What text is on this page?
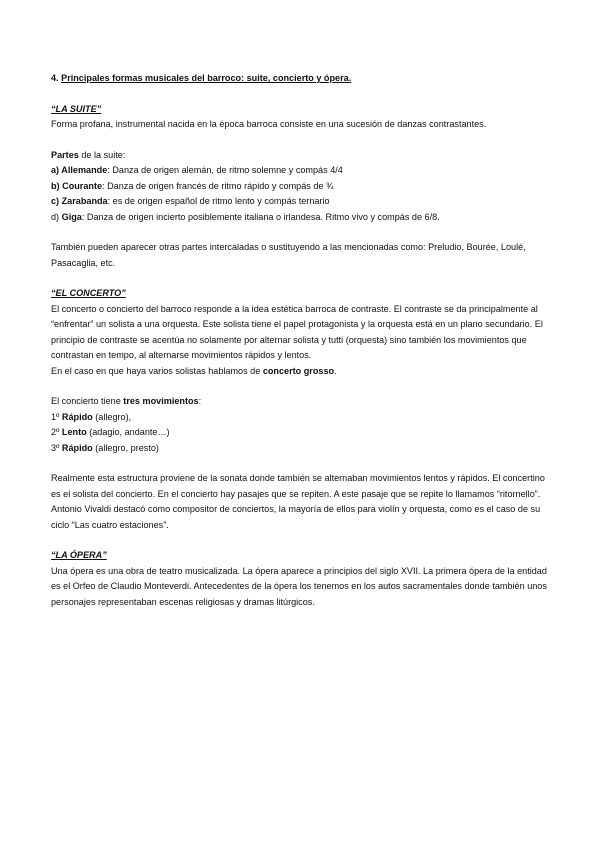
4. Principales formas musicales del barroco: suite, concierto y ópera.

“LA SUITE”

Forma profana, instrumental nacida en la época barroca consiste en una sucesión de danzas contrastantes.

Partes de la suite:

a) Allemande: Danza de origen alemán, de ritmo solemne y compás 4/4

b) Courante: Danza de origen francés de ritmo rápido y compás de ¾

c) Zarabanda: es de origen español de ritmo lento y compás ternario

d) Giga: Danza de origen incierto posiblemente italiana o irlandesa. Ritmo vivo y compás de 6/8.

También pueden aparecer otras partes intercaladas o sustituyendo a las mencionadas como: Preludio, Bourée, Loulé, Pasacaglia, etc.

“EL CONCERTO”

El concerto o concierto del barroco responde a la idea estética barroca de contraste. El contraste se da principalmente al “enfrentar” un solista a una orquesta. Este solista tiene el papel protagonista y la orquesta está en un plano secundario. El principio de contraste se acentúa no solamente por alternar solista y tutti (orquesta) sino también los movimientos que contrastan en tempo, al alternarse movimientos rápidos y lentos.

En el caso en que haya varios solistas hablamos de concerto grosso.

El concierto tiene tres movimientos:

1º Rápido (allegro),

2º Lento (adagio, andante…)

3º Rápido (allegro, presto)

Realmente esta estructura proviene de la sonata donde también se alternaban movimientos lentos y rápidos. El concertino es el solista del concierto. En el concierto hay pasajes que se repiten. A este pasaje que se repite lo llamamos “ritornello”. Antonio Vivaldi destacó como compositor de conciertos, la mayoría de ellos para violín y orquesta, como es el caso de su ciclo “Las cuatro estaciones”.

“LA ÓPERA”

Una ópera es una obra de teatro musicalizada. La ópera aparece a principios del siglo XVII. La primera ópera de la entidad es el Orfeo de Claudio Monteverdi. Antecedentes de la ópera los tenemos en los autos sacramentales donde también unos personajes representaban escenas religiosas y dramas litúrgicos.
